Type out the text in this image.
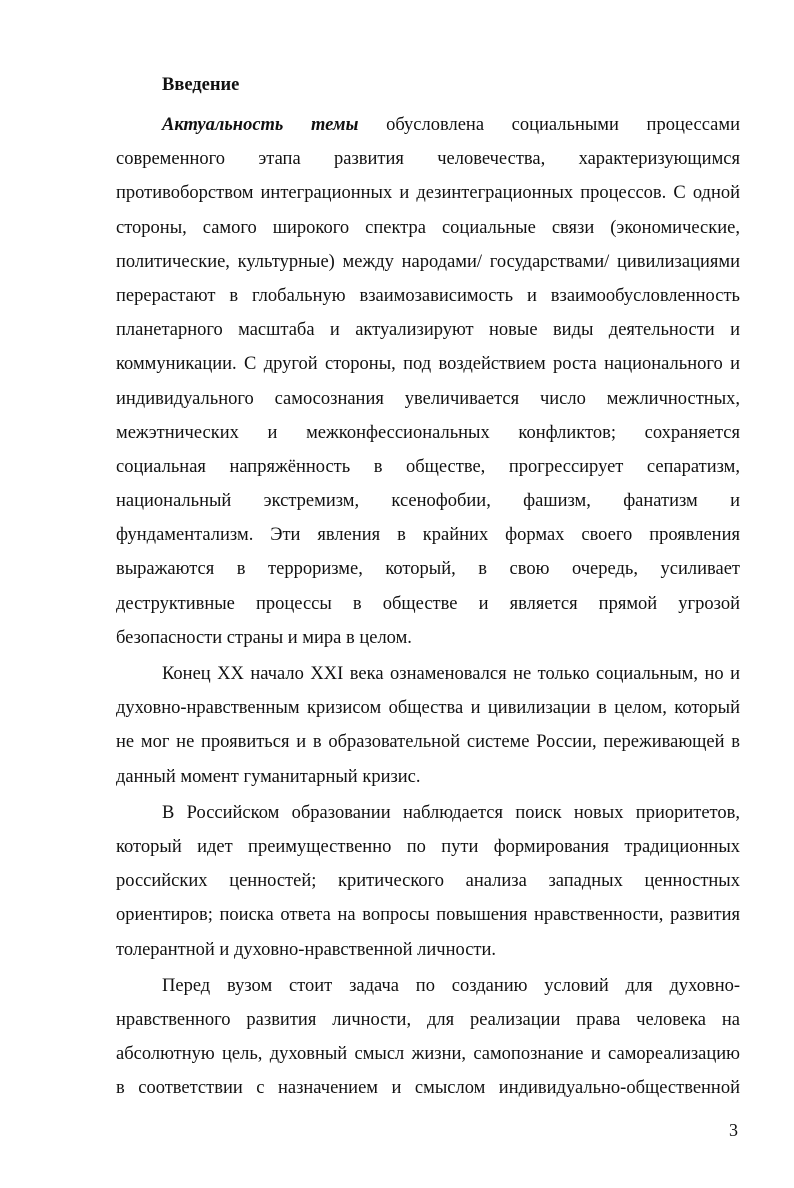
Введение
Актуальность темы обусловлена социальными процессами
современного этапа развития человечества, характеризующимся
противоборством интеграционных и дезинтеграционных процессов. С одной
стороны, самого широкого спектра социальные связи (экономические,
политические, культурные) между народами/ государствами/ цивилизациями
перерастают в глобальную взаимозависимость и взаимообусловленность
планетарного масштаба и актуализируют новые виды деятельности и
коммуникации. С другой стороны, под воздействием роста национального и
индивидуального самосознания увеличивается число межличностных,
межэтнических и межконфессиональных конфликтов; сохраняется
социальная напряжённость в обществе, прогрессирует сепаратизм,
национальный экстремизм, ксенофобии, фашизм, фанатизм и
фундаментализм. Эти явления в крайних формах своего проявления
выражаются в терроризме, который, в свою очередь, усиливает
деструктивные процессы в обществе и является прямой угрозой
безопасности страны и мира в целом.
Конец XX начало XXI века ознаменовался не только социальным, но и
духовно-нравственным кризисом общества и цивилизации в целом, который
не мог не проявиться и в образовательной системе России, переживающей в
данный момент гуманитарный кризис.
В Российском образовании наблюдается поиск новых приоритетов,
который идет преимущественно по пути формирования традиционных
российских ценностей; критического анализа западных ценностных
ориентиров; поиска ответа на вопросы повышения нравственности, развития
толерантной и духовно-нравственной личности.
Перед вузом стоит задача по созданию условий для духовно-
нравственного развития личности, для реализации права человека на
абсолютную цель, духовный смысл жизни, самопознание и самореализацию
в соответствии с назначением и смыслом индивидуально-общественной
3
